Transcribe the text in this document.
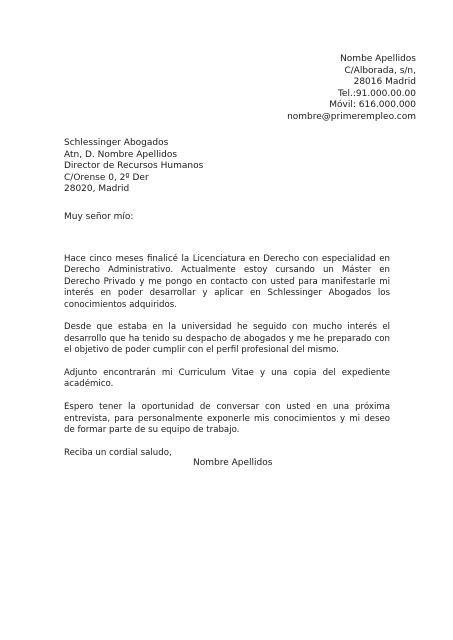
Nombe Apellidos
C/Alborada, s/n,
28016 Madrid
Tel.:91.000.00.00
Móvil: 616.000.000
nombre@primerempleo.com
Schlessinger Abogados
Atn, D. Nombre Apellidos
Director de Recursos Humanos
C/Orense 0, 2º Der
28020, Madrid
Muy señor mío:

Hace cinco meses finalicé la Licenciatura en Derecho con especialidad en Derecho Administrativo. Actualmente estoy cursando un Máster en Derecho Privado y me pongo en contacto con usted para manifestarle mi interés en poder desarrollar y aplicar en Schlessinger Abogados los conocimientos adquiridos.

Desde que estaba en la universidad he seguido con mucho interés el desarrollo que ha tenido su despacho de abogados y me he preparado con el objetivo de poder cumplir con el perfil profesional del mismo.

Adjunto encontrarán mi Curriculum Vitae y una copia del expediente académico.

Espero tener la oportunidad de conversar con usted en una próxima entrevista, para personalmente exponerle mis conocimientos y mi deseo de formar parte de su equipo de trabajo.

Reciba un cordial saludo,

Nombre Apellidos
